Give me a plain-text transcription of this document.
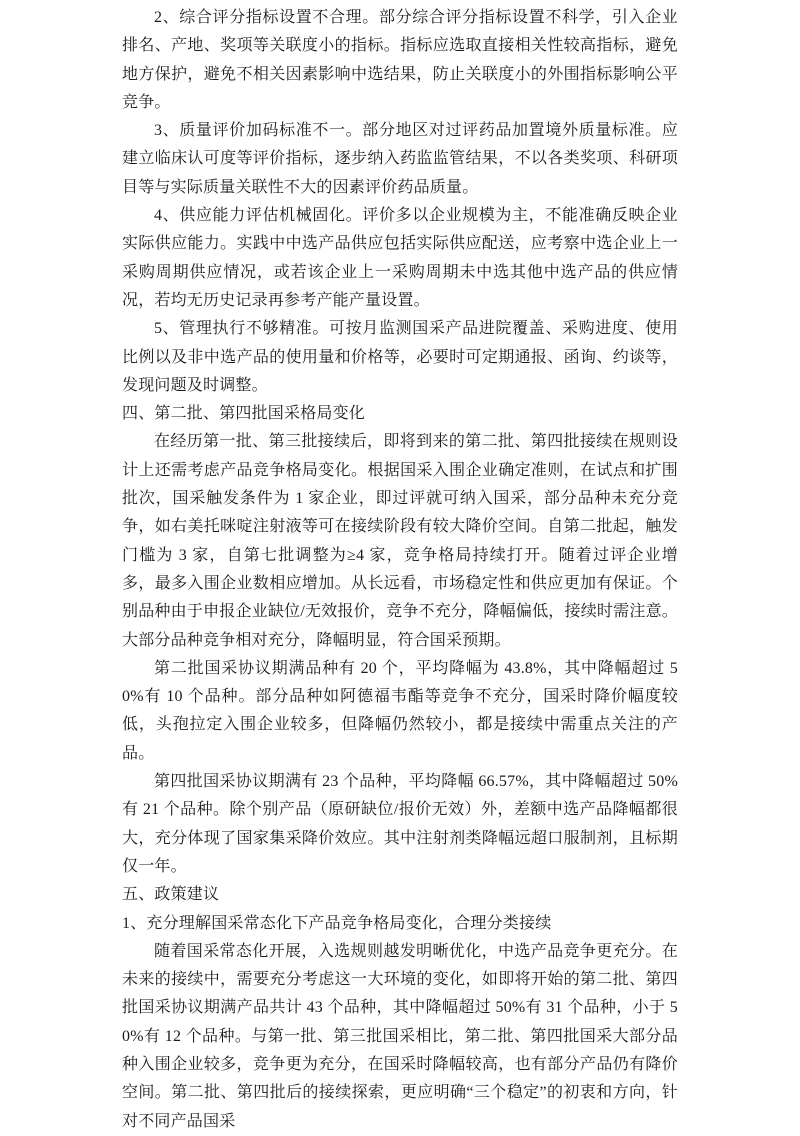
2、综合评分指标设置不合理。部分综合评分指标设置不科学，引入企业排名、产地、奖项等关联度小的指标。指标应选取直接相关性较高指标，避免地方保护，避免不相关因素影响中选结果，防止关联度小的外围指标影响公平竞争。

3、质量评价加码标准不一。部分地区对过评药品加置境外质量标准。应建立临床认可度等评价指标，逐步纳入药监监管结果，不以各类奖项、科研项目等与实际质量关联性不大的因素评价药品质量。

4、供应能力评估机械固化。评价多以企业规模为主，不能准确反映企业实际供应能力。实践中中选产品供应包括实际供应配送，应考察中选企业上一采购周期供应情况，或若该企业上一采购周期未中选其他中选产品的供应情况，若均无历史记录再参考产能产量设置。

5、管理执行不够精准。可按月监测国采产品进院覆盖、采购进度、使用比例以及非中选产品的使用量和价格等，必要时可定期通报、函询、约谈等，发现问题及时调整。

四、第二批、第四批国采格局变化

在经历第一批、第三批接续后，即将到来的第二批、第四批接续在规则设计上还需考虑产品竞争格局变化。根据国采入围企业确定准则，在试点和扩围批次，国采触发条件为 1 家企业，即过评就可纳入国采，部分品种未充分竞争，如右美托咪啶注射液等可在接续阶段有较大降价空间。自第二批起，触发门槛为 3 家，自第七批调整为≥4 家，竞争格局持续打开。随着过评企业增多，最多入围企业数相应增加。从长远看，市场稳定性和供应更加有保证。个别品种由于申报企业缺位/无效报价，竞争不充分，降幅偏低，接续时需注意。大部分品种竞争相对充分，降幅明显，符合国采预期。

第二批国采协议期满品种有 20 个，平均降幅为 43.8%，其中降幅超过 50%有 10 个品种。部分品种如阿德福韦酯等竞争不充分，国采时降价幅度较低，头孢拉定入围企业较多，但降幅仍然较小，都是接续中需重点关注的产品。

第四批国采协议期满有 23 个品种，平均降幅 66.57%，其中降幅超过 50%有 21 个品种。除个别产品（原研缺位/报价无效）外，差额中选产品降幅都很大，充分体现了国家集采降价效应。其中注射剂类降幅远超口服制剂，且标期仅一年。

五、政策建议

1、充分理解国采常态化下产品竞争格局变化，合理分类接续

随着国采常态化开展，入选规则越发明晰优化，中选产品竞争更充分。在未来的接续中，需要充分考虑这一大环境的变化，如即将开始的第二批、第四批国采协议期满产品共计 43 个品种，其中降幅超过 50%有 31 个品种，小于 50%有 12 个品种。与第一批、第三批国采相比，第二批、第四批国采大部分品种入围企业较多，竞争更为充分，在国采时降幅较高，也有部分产品仍有降价空间。第二批、第四批后的接续探索，更应明确“三个稳定”的初衷和方向，针对不同产品国采
